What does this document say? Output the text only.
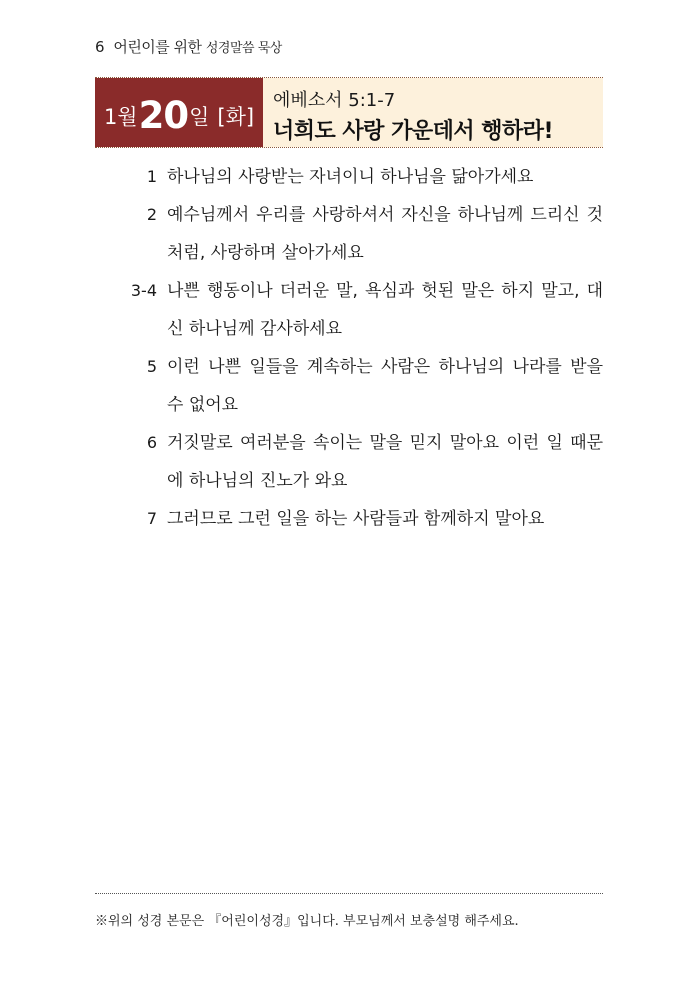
6 어린이를 위한 성경말씀 묵상
1월 20 일 [화]
에베소서 5:1-7
너희도 사랑 가운데서 행하라!
1 하나님의 사랑받는 자녀이니 하나님을 닮아가세요
2 예수님께서 우리를 사랑하셔서 자신을 하나님께 드리신 것처럼, 사랑하며 살아가세요
3-4 나쁜 행동이나 더러운 말, 욕심과 헛된 말은 하지 말고, 대신 하나님께 감사하세요
5 이런 나쁜 일들을 계속하는 사람은 하나님의 나라를 받을 수 없어요
6 거짓말로 여러분을 속이는 말을 믿지 말아요 이런 일 때문에 하나님의 진노가 와요
7 그러므로 그런 일을 하는 사람들과 함께하지 말아요
※위의 성경 본문은 『어린이성경』입니다. 부모님께서 보충설명 해주세요.
